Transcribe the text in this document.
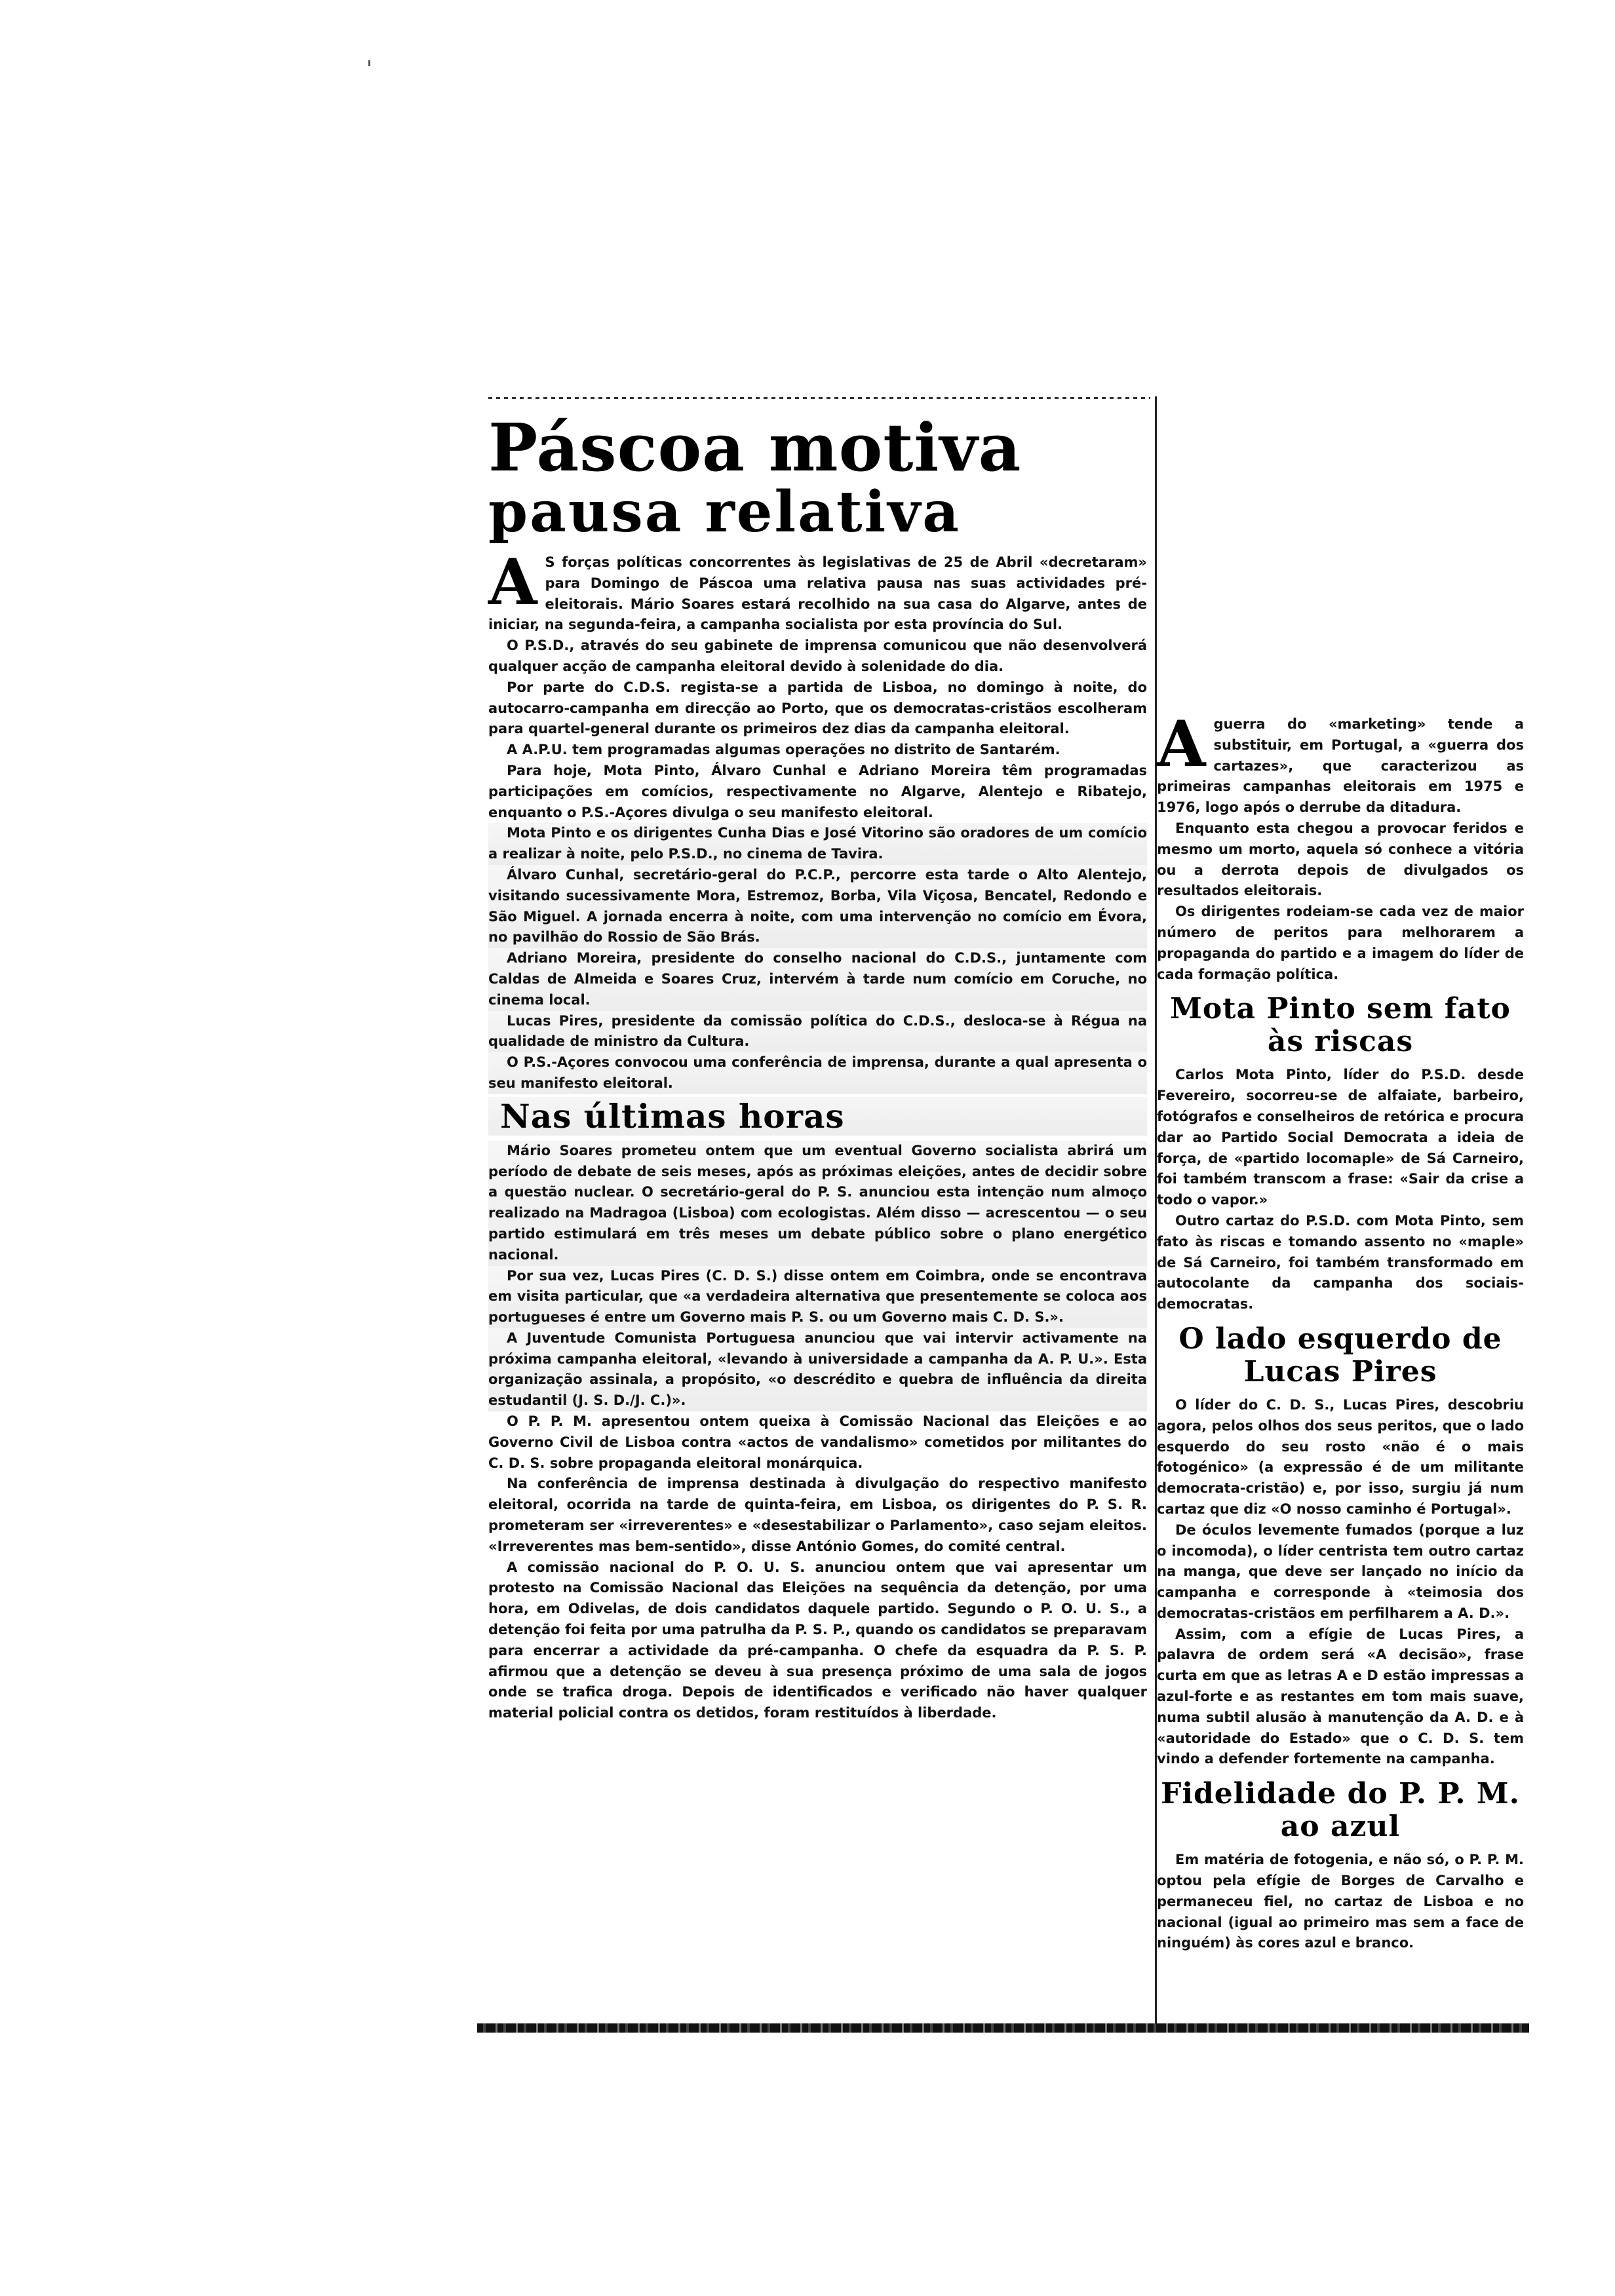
Páscoa motiva
pausa relativa
A S forças políticas concorrentes às legislativas de 25 de Abril «decretaram» para Domingo de Páscoa uma relativa pausa nas suas actividades pré-eleitorais. Mário Soares estará recolhido na sua casa do Algarve, antes de iniciar, na segunda-feira, a campanha socialista por esta província do Sul.

O P.S.D., através do seu gabinete de imprensa comunicou que não desenvolverá qualquer acção de campanha eleitoral devido à solenidade do dia.

Por parte do C.D.S. regista-se a partida de Lisboa, no domingo à noite, do autocarro-campanha em direcção ao Porto, que os democratas-cristãos escolheram para quartel-general durante os primeiros dez dias da campanha eleitoral.

A A.P.U. tem programadas algumas operações no distrito de Santarém.

Para hoje, Mota Pinto, Álvaro Cunhal e Adriano Moreira têm programadas participações em comícios, respectivamente no Algarve, Alentejo e Ribatejo, enquanto o P.S.-Açores divulga o seu manifesto eleitoral.

Mota Pinto e os dirigentes Cunha Dias e José Vitorino são oradores de um comício a realizar à noite, pelo P.S.D., no cinema de Tavira.

Álvaro Cunhal, secretário-geral do P.C.P., percorre esta tarde o Alto Alentejo, visitando sucessivamente Mora, Estremoz, Borba, Vila Viçosa, Bencatel, Redondo e São Miguel. A jornada encerra à noite, com uma intervenção no comício em Évora, no pavilhão do Rossio de São Brás.

Adriano Moreira, presidente do conselho nacional do C.D.S., juntamente com Caldas de Almeida e Soares Cruz, intervém à tarde num comício em Coruche, no cinema local.

Lucas Pires, presidente da comissão política do C.D.S., desloca-se à Régua na qualidade de ministro da Cultura.

O P.S.-Açores convocou uma conferência de imprensa, durante a qual apresenta o seu manifesto eleitoral.

Nas últimas horas

Mário Soares prometeu ontem que um eventual Governo socialista abrirá um período de debate de seis meses, após as próximas eleições, antes de decidir sobre a questão nuclear. O secretário-geral do P. S. anunciou esta intenção num almoço realizado na Madragoa (Lisboa) com ecologistas. Além disso — acrescentou — o seu partido estimulará em três meses um debate público sobre o plano energético nacional.

Por sua vez, Lucas Pires (C. D. S.) disse ontem em Coimbra, onde se encontrava em visita particular, que «a verdadeira alternativa que presentemente se coloca aos portugueses é entre um Governo mais P. S. ou um Governo mais C. D. S.».

A Juventude Comunista Portuguesa anunciou que vai intervir activamente na próxima campanha eleitoral, «levando à universidade a campanha da A. P. U.». Esta organização assinala, a propósito, «o descrédito e quebra de influência da direita estudantil (J. S. D./J. C.)».

O P. P. M. apresentou ontem queixa à Comissão Nacional das Eleições e ao Governo Civil de Lisboa contra «actos de vandalismo» cometidos por militantes do C. D. S. sobre propaganda eleitoral monárquica.

Na conferência de imprensa destinada à divulgação do respectivo manifesto eleitoral, ocorrida na tarde de quinta-feira, em Lisboa, os dirigentes do P. S. R. prometeram ser «irreverentes» e «desestabilizar o Parlamento», caso sejam eleitos. «Irreverentes mas bem-sentido», disse António Gomes, do comité central.

A comissão nacional do P. O. U. S. anunciou ontem que vai apresentar um protesto na Comissão Nacional das Eleições na sequência da detenção, por uma hora, em Odivelas, de dois candidatos daquele partido. Segundo o P. O. U. S., a detenção foi feita por uma patrulha da P. S. P., quando os candidatos se preparavam para encerrar a actividade da pré-campanha. O chefe da esquadra da P. S. P. afirmou que a detenção se deveu à sua presença próximo de uma sala de jogos onde se trafica droga. Depois de identificados e verificado não haver qualquer material policial contra os detidos, foram restituídos à liberdade.

A guerra do «marketing» tende a substituir, em Portugal, a «guerra dos cartazes», que caracterizou as primeiras campanhas eleitorais em 1975 e 1976, logo após o derrube da ditadura.

Enquanto esta chegou a provocar feridos e mesmo um morto, aquela só conhece a vitória ou a derrota depois de divulgados os resultados eleitorais.

Os dirigentes rodeiam-se cada vez de maior número de peritos para melhorarem a propaganda do partido e a imagem do líder de cada formação política.

Mota Pinto sem fato às riscas

Carlos Mota Pinto, líder do P.S.D. desde Fevereiro, socorreu-se de alfaiate, barbeiro, fotógrafos e conselheiros de retórica e procura dar ao Partido Social Democrata a ideia de força, de «partido locomaple» de Sá Carneiro, foi também transcom a frase: «Sair da crise a todo o vapor.»

Outro cartaz do P.S.D. com Mota Pinto, sem fato às riscas e tomando assento no «maple» de Sá Carneiro, foi também transformado em autocolante da campanha dos sociais-democratas.

O lado esquerdo de Lucas Pires

O líder do C. D. S., Lucas Pires, descobriu agora, pelos olhos dos seus peritos, que o lado esquerdo do seu rosto «não é o mais fotogénico» (a expressão é de um militante democrata-cristão) e, por isso, surgiu já num cartaz que diz «O nosso caminho é Portugal».

De óculos levemente fumados (porque a luz o incomoda), o líder centrista tem outro cartaz na manga, que deve ser lançado no início da campanha e corresponde à «teimosia dos democratas-cristãos em perfilharem a A. D.».

Assim, com a efígie de Lucas Pires, a palavra de ordem será «A decisão», frase curta em que as letras A e D estão impressas a azul-forte e as restantes em tom mais suave, numa subtil alusão à manutenção da A. D. e à «autoridade do Estado» que o C. D. S. tem vindo a defender fortemente na campanha.

Fidelidade do P. P. M. ao azul

Em matéria de fotogenia, e não só, o P. P. M. optou pela efígie de Borges de Carvalho e permaneceu fiel, no cartaz de Lisboa e no nacional (igual ao primeiro mas sem a face de ninguém) às cores azul e branco.
